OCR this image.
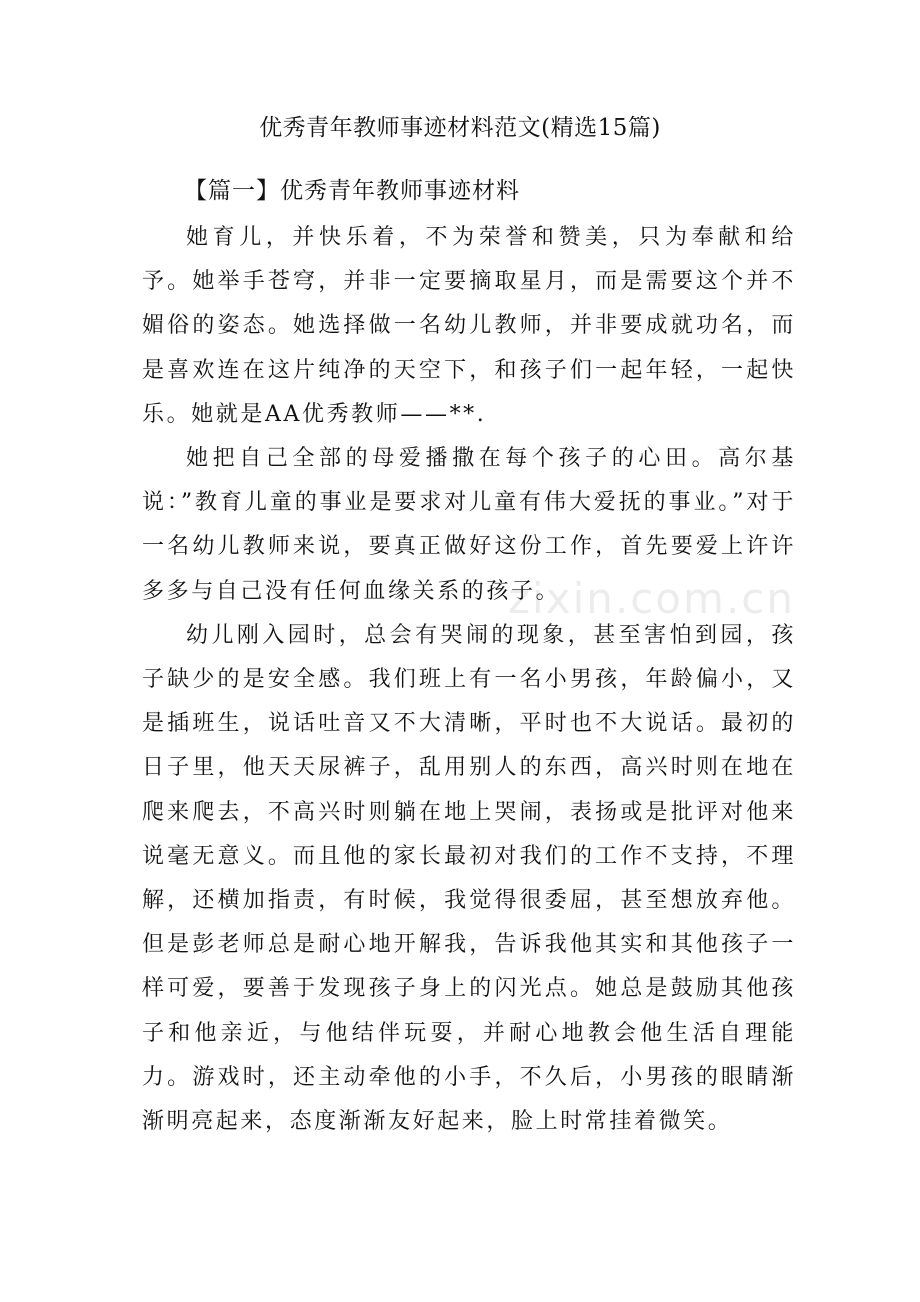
优秀青年教师事迹材料范文(精选15篇)
【篇一】优秀青年教师事迹材料

她育儿，并快乐着，不为荣誉和赞美，只为奉献和给予。她举手苍穹，并非一定要摘取星月，而是需要这个并不媚俗的姿态。她选择做一名幼儿教师，并非要成就功名，而是喜欢连在这片纯净的天空下，和孩子们一起年轻，一起快乐。她就是AA优秀教师——**.

她把自己全部的母爱播撒在每个孩子的心田。高尔基说：”教育儿童的事业是要求对儿童有伟大爱抚的事业。”对于一名幼儿教师来说，要真正做好这份工作，首先要爱上许许多多与自己没有任何血缘关系的孩子。

幼儿刚入园时，总会有哭闹的现象，甚至害怕到园，孩子缺少的是安全感。我们班上有一名小男孩，年龄偏小，又是插班生，说话吐音又不大清晰，平时也不大说话。最初的日子里，他天天尿裤子，乱用别人的东西，高兴时则在地在爬来爬去，不高兴时则躺在地上哭闹，表扬或是批评对他来说毫无意义。而且他的家长最初对我们的工作不支持，不理解，还横加指责，有时候，我觉得很委屈，甚至想放弃他。但是彭老师总是耐心地开解我，告诉我他其实和其他孩子一样可爱，要善于发现孩子身上的闪光点。她总是鼓励其他孩子和他亲近，与他结伴玩耍，并耐心地教会他生活自理能力。游戏时，还主动牵他的小手，不久后，小男孩的眼睛渐渐明亮起来，态度渐渐友好起来，脸上时常挂着微笑。

zixin.com.cn
